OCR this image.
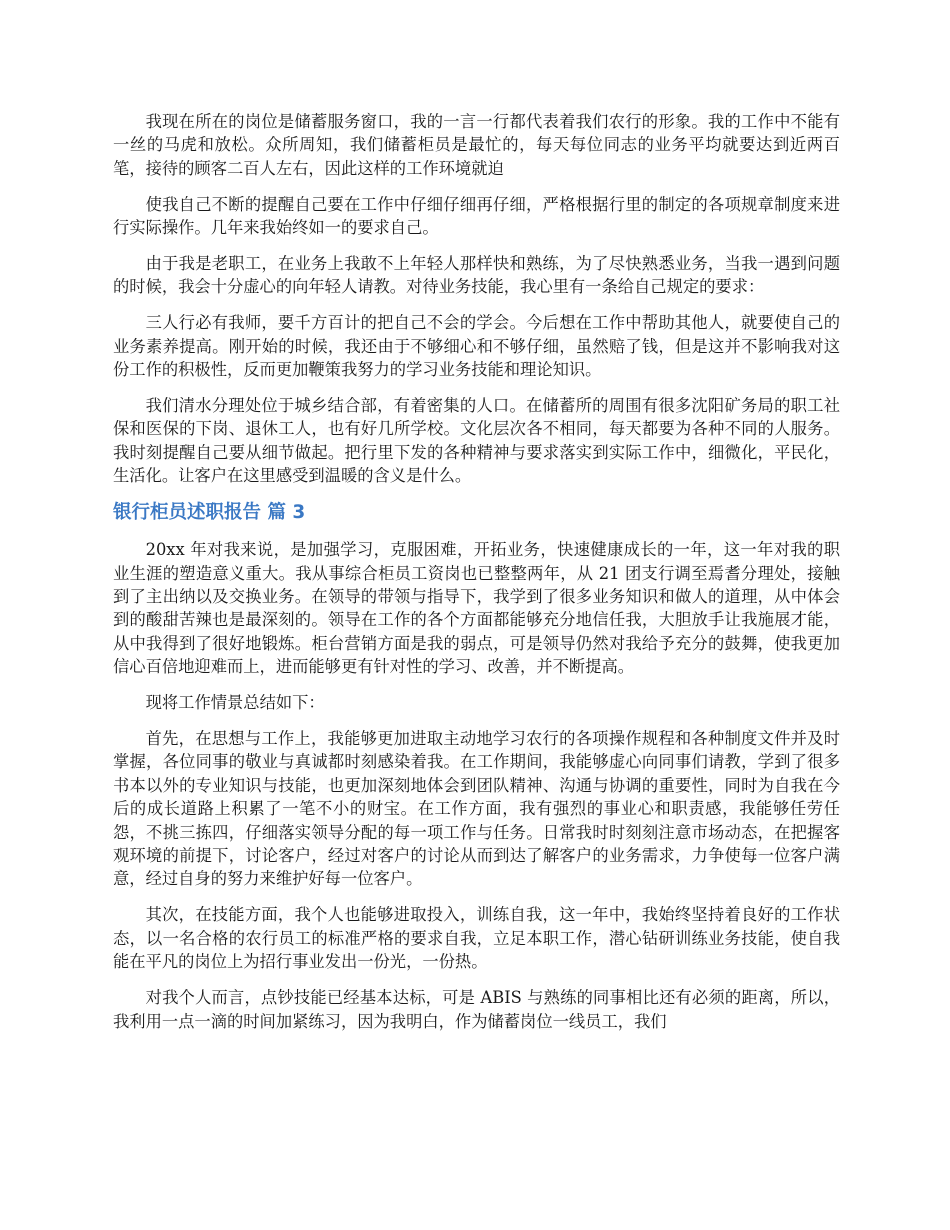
我现在所在的岗位是储蓄服务窗口，我的一言一行都代表着我们农行的形象。我的工作中不能有一丝的马虎和放松。众所周知，我们储蓄柜员是最忙的，每天每位同志的业务平均就要达到近两百笔，接待的顾客二百人左右，因此这样的工作环境就迫

使我自己不断的提醒自己要在工作中仔细仔细再仔细，严格根据行里的制定的各项规章制度来进行实际操作。几年来我始终如一的要求自己。

由于我是老职工，在业务上我敢不上年轻人那样快和熟练，为了尽快熟悉业务，当我一遇到问题的时候，我会十分虚心的向年轻人请教。对待业务技能，我心里有一条给自己规定的要求：

三人行必有我师，要千方百计的把自己不会的学会。今后想在工作中帮助其他人，就要使自己的业务素养提高。刚开始的时候，我还由于不够细心和不够仔细，虽然赔了钱，但是这并不影响我对这份工作的积极性，反而更加鞭策我努力的学习业务技能和理论知识。

我们清水分理处位于城乡结合部，有着密集的人口。在储蓄所的周围有很多沈阳矿务局的职工社保和医保的下岗、退休工人，也有好几所学校。文化层次各不相同，每天都要为各种不同的人服务。我时刻提醒自己要从细节做起。把行里下发的各种精神与要求落实到实际工作中，细微化，平民化，生活化。让客户在这里感受到温暖的含义是什么。

银行柜员述职报告 篇 3

20xx 年对我来说，是加强学习，克服困难，开拓业务，快速健康成长的一年，这一年对我的职业生涯的塑造意义重大。我从事综合柜员工资岗也已整整两年，从 21 团支行调至焉耆分理处，接触到了主出纳以及交换业务。在领导的带领与指导下，我学到了很多业务知识和做人的道理，从中体会到的酸甜苦辣也是最深刻的。领导在工作的各个方面都能够充分地信任我，大胆放手让我施展才能，从中我得到了很好地锻炼。柜台营销方面是我的弱点，可是领导仍然对我给予充分的鼓舞，使我更加信心百倍地迎难而上，进而能够更有针对性的学习、改善，并不断提高。

现将工作情景总结如下：

首先，在思想与工作上，我能够更加进取主动地学习农行的各项操作规程和各种制度文件并及时掌握，各位同事的敬业与真诚都时刻感染着我。在工作期间，我能够虚心向同事们请教，学到了很多书本以外的专业知识与技能，也更加深刻地体会到团队精神、沟通与协调的重要性，同时为自我在今后的成长道路上积累了一笔不小的财宝。在工作方面，我有强烈的事业心和职责感，我能够任劳任怨，不挑三拣四，仔细落实领导分配的每一项工作与任务。日常我时时刻刻注意市场动态，在把握客观环境的前提下，讨论客户，经过对客户的讨论从而到达了解客户的业务需求，力争使每一位客户满意，经过自身的努力来维护好每一位客户。

其次，在技能方面，我个人也能够进取投入，训练自我，这一年中，我始终坚持着良好的工作状态，以一名合格的农行员工的标准严格的要求自我，立足本职工作，潜心钻研训练业务技能，使自我能在平凡的岗位上为招行事业发出一份光，一份热。

对我个人而言，点钞技能已经基本达标，可是 ABIS 与熟练的同事相比还有必须的距离，所以，我利用一点一滴的时间加紧练习，因为我明白，作为储蓄岗位一线员工，我们
